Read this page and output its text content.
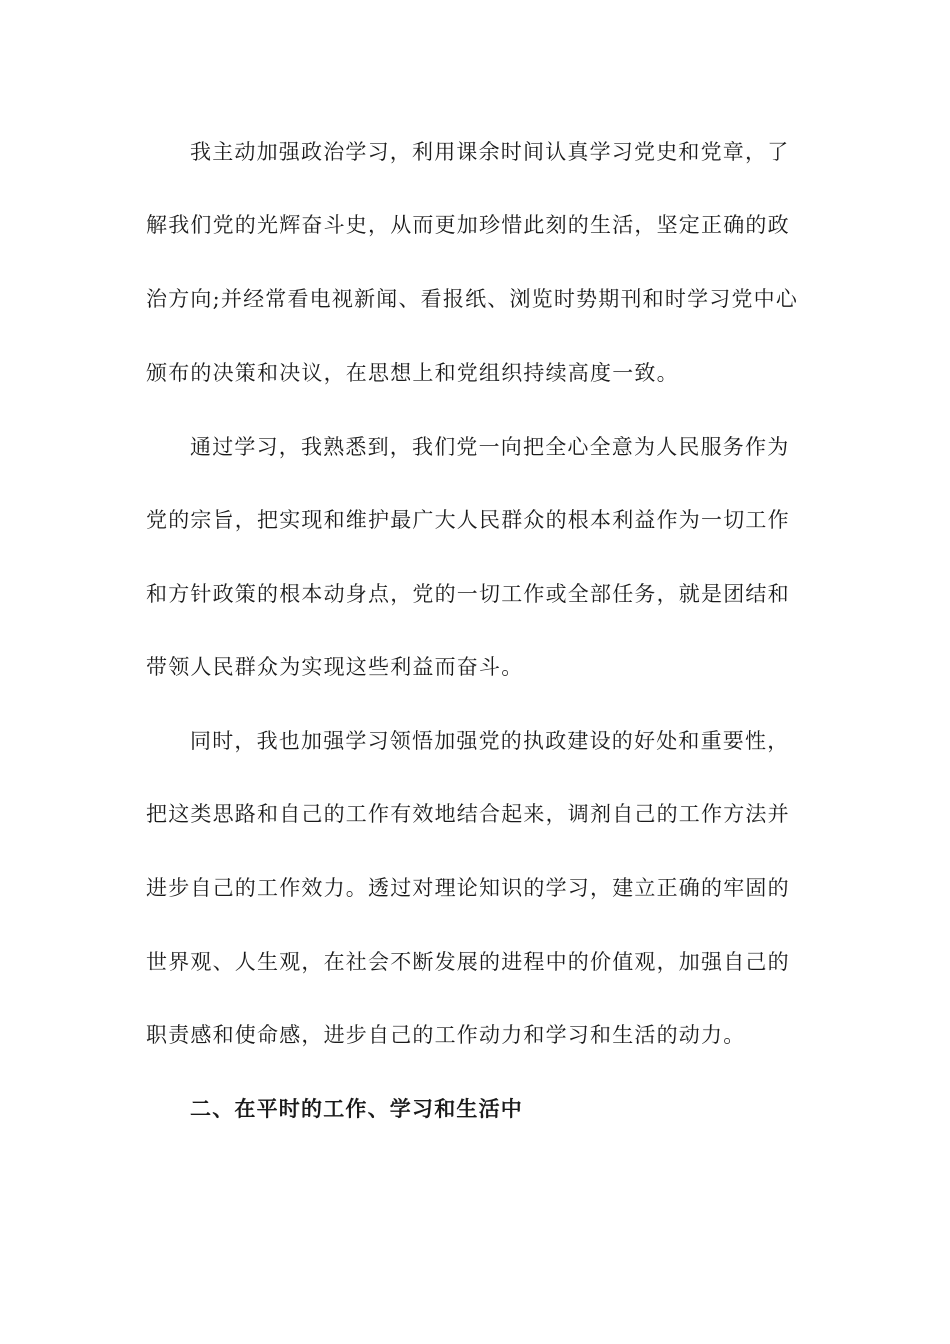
我主动加强政治学习，利用课余时间认真学习党史和党章，了
解我们党的光辉奋斗史，从而更加珍惜此刻的生活，坚定正确的政
治方向;并经常看电视新闻、看报纸、浏览时势期刊和时学习党中心
颁布的决策和决议，在思想上和党组织持续高度一致。
通过学习，我熟悉到，我们党一向把全心全意为人民服务作为
党的宗旨，把实现和维护最广大人民群众的根本利益作为一切工作
和方针政策的根本动身点，党的一切工作或全部任务，就是团结和
带领人民群众为实现这些利益而奋斗。
同时，我也加强学习领悟加强党的执政建设的好处和重要性，
把这类思路和自己的工作有效地结合起来，调剂自己的工作方法并
进步自己的工作效力。透过对理论知识的学习，建立正确的牢固的
世界观、人生观，在社会不断发展的进程中的价值观，加强自己的
职责感和使命感，进步自己的工作动力和学习和生活的动力。
二、在平时的工作、学习和生活中
